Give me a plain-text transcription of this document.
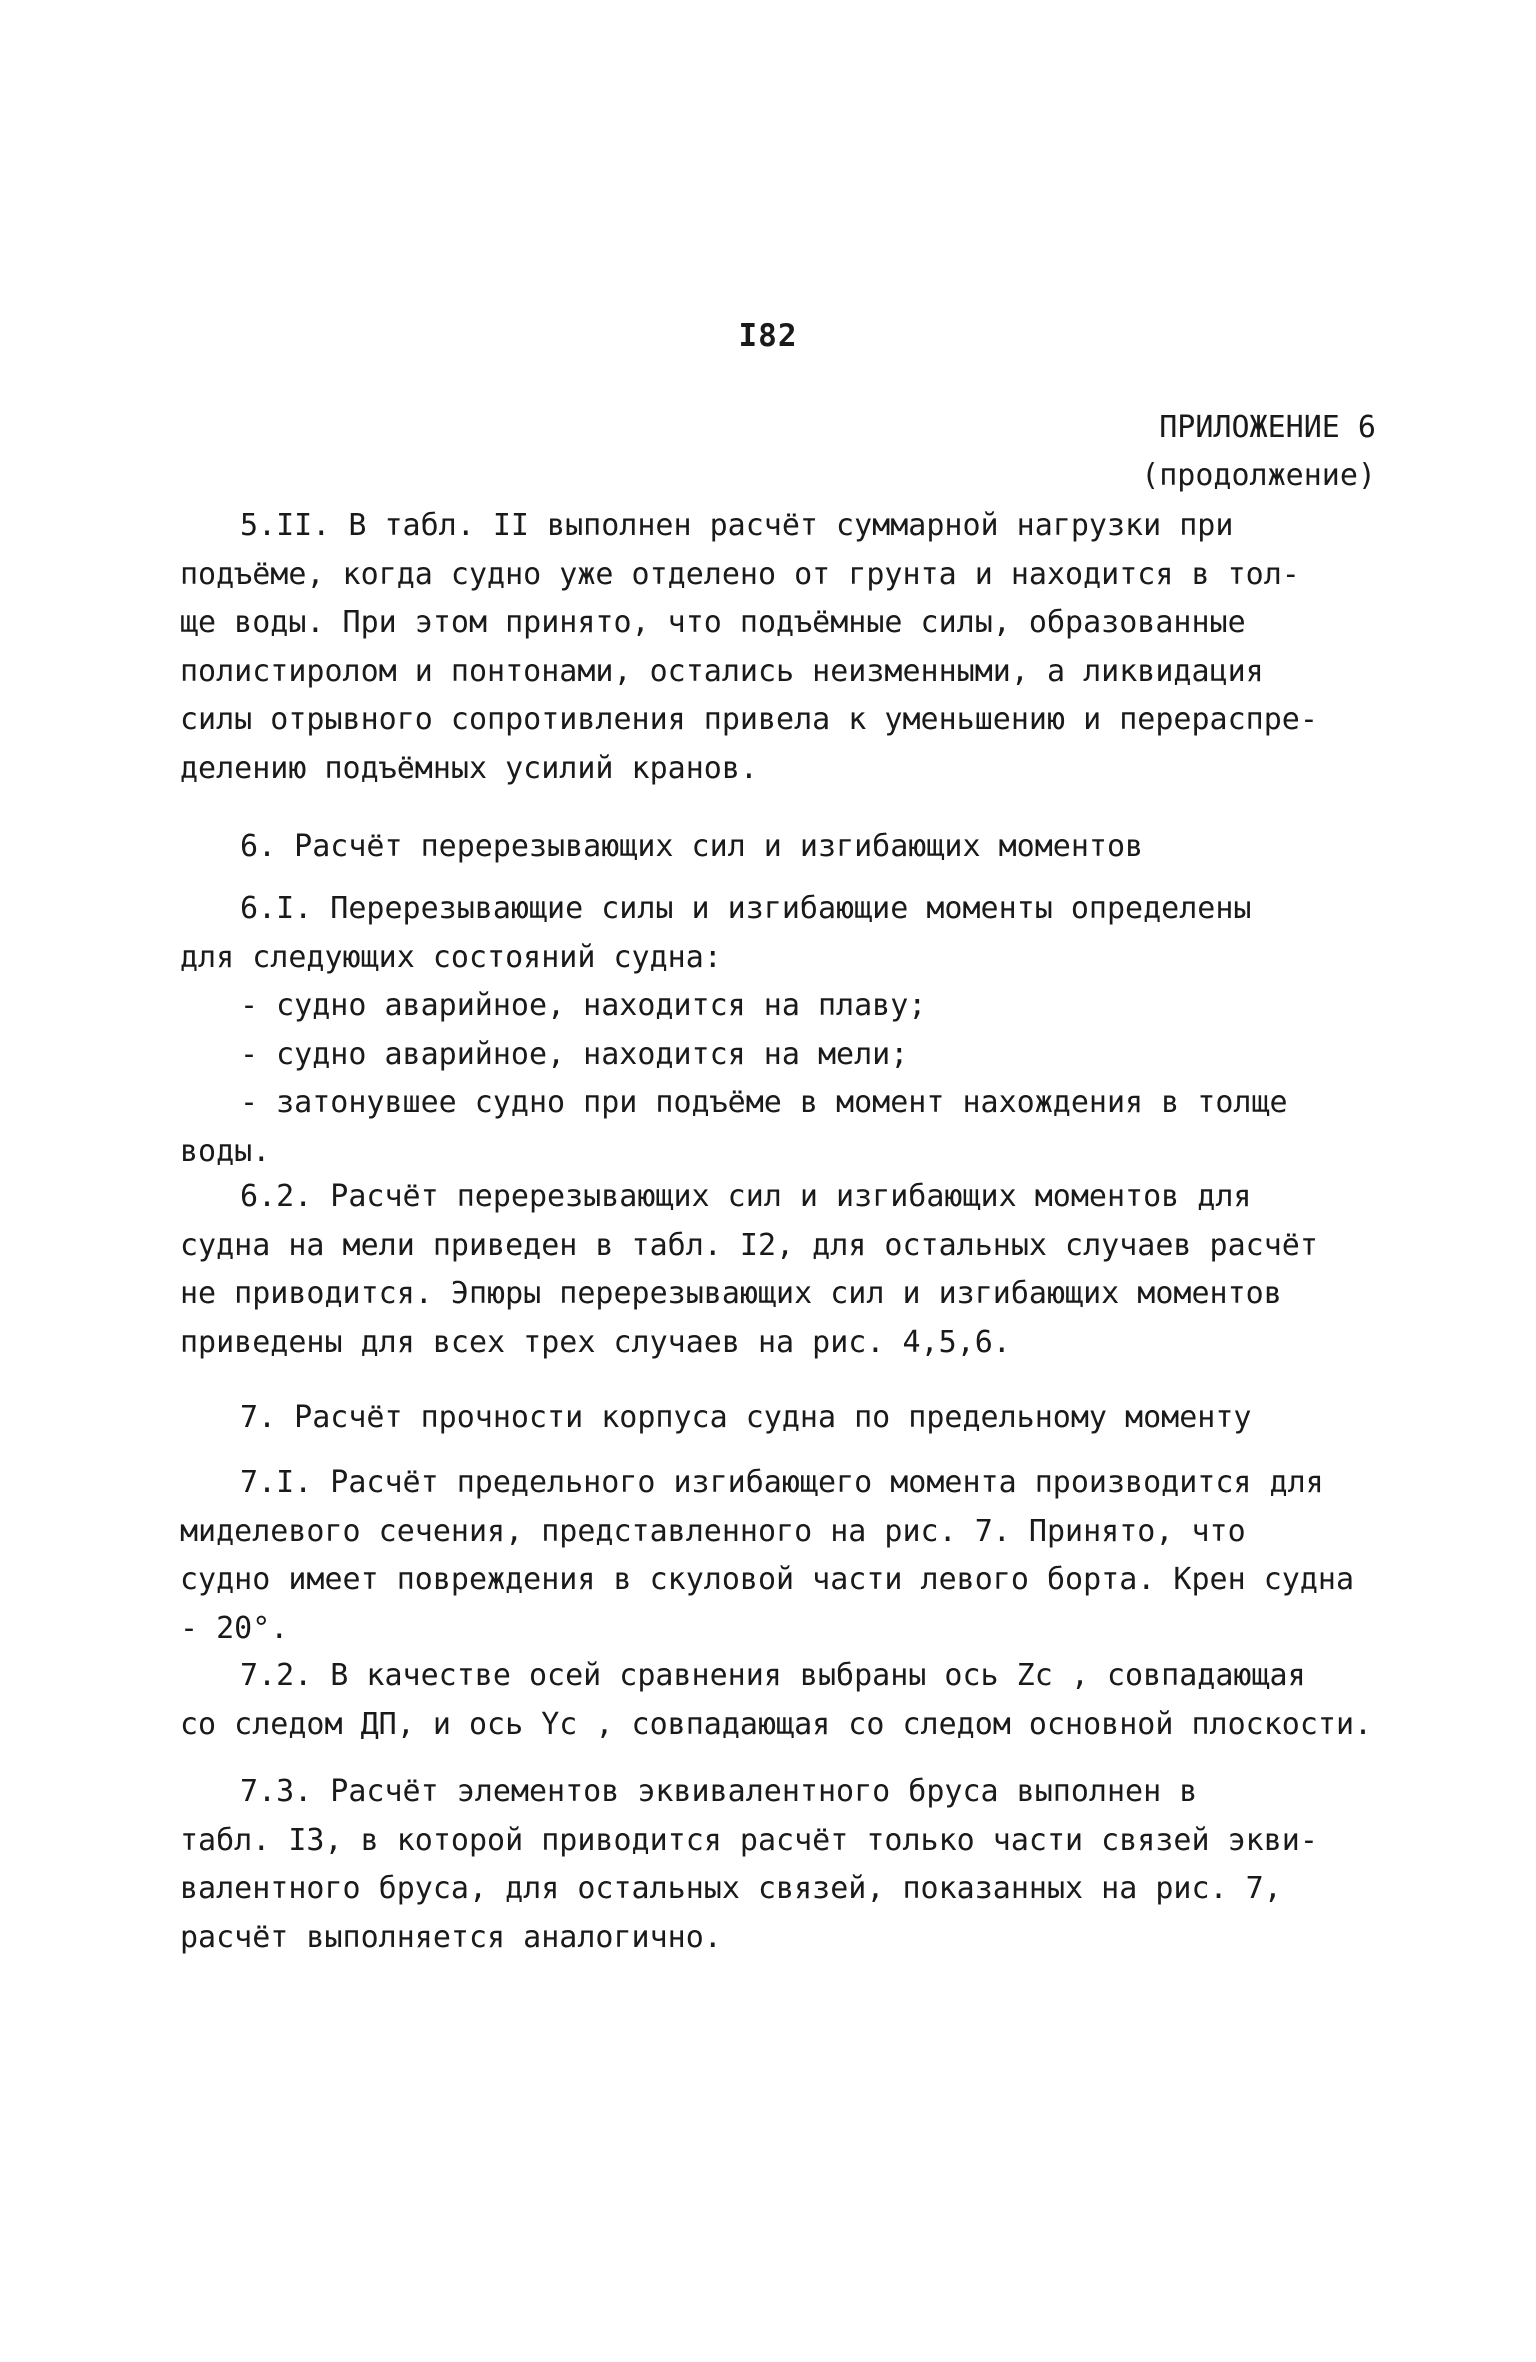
I82
ПРИЛОЖЕНИЕ 6
(продолжение)
5.II. В табл. II выполнен расчёт суммарной нагрузки при
подъёме, когда судно уже отделено от грунта и находится в тол-
ще воды. При этом принято, что подъёмные силы, образованные
полистиролом и понтонами, остались неизменными, а ликвидация
силы отрывного сопротивления привела к уменьшению и перераспре-
делению подъёмных усилий кранов.
6. Расчёт перерезывающих сил и изгибающих моментов
6.I. Перерезывающие силы и изгибающие моменты определены
для следующих состояний судна:
- судно аварийное, находится на плаву;
- судно аварийное, находится на мели;
- затонувшее судно при подъёме в момент нахождения в толще
воды.
6.2. Расчёт перерезывающих сил и изгибающих моментов для
судна на мели приведен в табл. I2, для остальных случаев расчёт
не приводится. Эпюры перерезывающих сил и изгибающих моментов
приведены для всех трех случаев на рис. 4,5,6.
7. Расчёт прочности корпуса судна по предельному моменту
7.I. Расчёт предельного изгибающего момента производится для
миделевого сечения, представленного на рис. 7. Принято, что
судно имеет повреждения в скуловой части левого борта. Крен судна
- 20°.
7.2. В качестве осей сравнения выбраны ось Zc , совпадающая
со следом ДП, и ось Yc , совпадающая со следом основной плоскости.
7.3. Расчёт элементов эквивалентного бруса выполнен в
табл. I3, в которой приводится расчёт только части связей экви-
валентного бруса, для остальных связей, показанных на рис. 7,
расчёт выполняется аналогично.
